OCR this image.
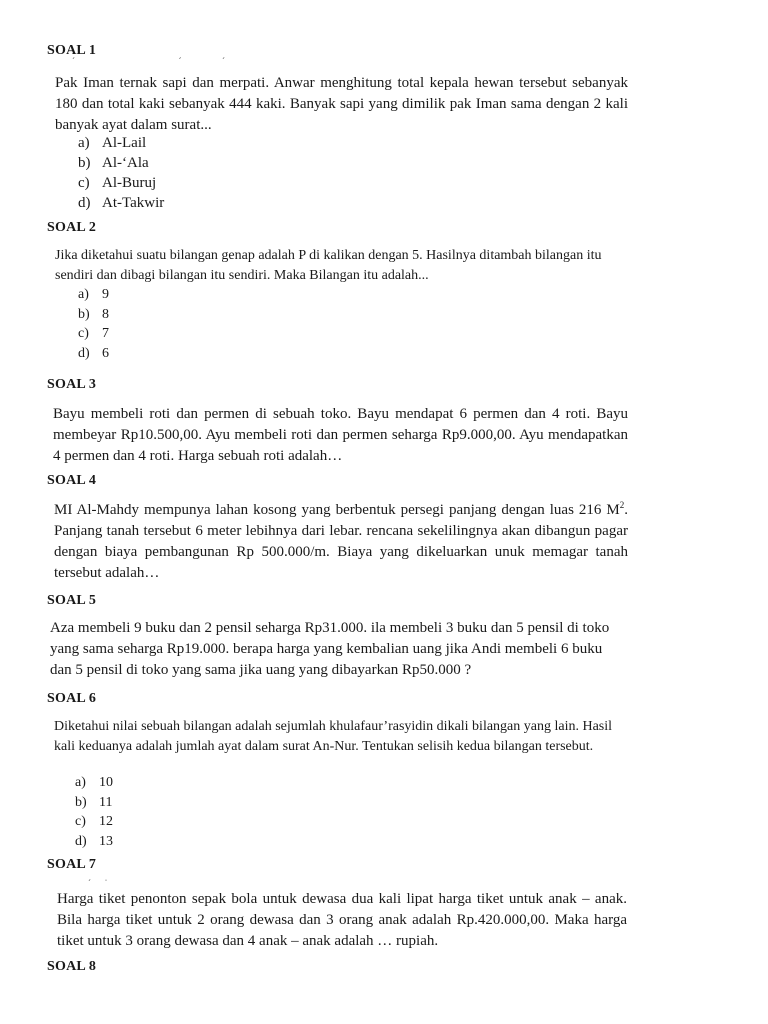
SOAL 1
ˊ                                              ˊ                  ˊ
Pak Iman ternak sapi dan merpati. Anwar menghitung total kepala hewan tersebut sebanyak 180 dan total kaki sebanyak 444 kaki. Banyak sapi yang dimilik pak Iman sama dengan 2 kali banyak ayat dalam surat...
a) Al-Lail
b) Al-‘Ala
c) Al-Buruj
d) At-Takwir
SOAL 2
Jika diketahui suatu bilangan genap adalah P di kalikan dengan 5. Hasilnya ditambah bilangan itu sendiri dan dibagi bilangan itu sendiri. Maka Bilangan itu adalah...
a) 9
b) 8
c) 7
d) 6
SOAL 3
Bayu membeli roti dan permen di sebuah toko. Bayu mendapat 6 permen dan 4 roti. Bayu membeyar Rp10.500,00. Ayu membeli roti dan permen seharga Rp9.000,00. Ayu mendapatkan 4 permen dan 4 roti. Harga sebuah roti adalah…
SOAL 4
MI Al-Mahdy mempunya lahan kosong yang berbentuk persegi panjang dengan luas 216 $M^2$. Panjang tanah tersebut 6 meter lebihnya dari lebar. rencana sekelilingnya akan dibangun pagar dengan biaya pembangunan Rp 500.000/m. Biaya yang dikeluarkan unuk memagar tanah tersebut adalah…
SOAL 5
Aza membeli 9 buku dan 2 pensil seharga Rp31.000. ila membeli 3 buku dan 5 pensil di toko yang sama seharga Rp19.000. berapa harga yang kembalian uang jika Andi membeli 6 buku dan 5 pensil di toko yang sama jika uang yang dibayarkan Rp50.000 ?
SOAL 6
Diketahui nilai sebuah bilangan adalah sejumlah khulafaur’rasyidin dikali bilangan yang lain. Hasil kali keduanya adalah jumlah ayat dalam surat An-Nur. Tentukan selisih kedua bilangan tersebut.
a) 10
b) 11
c) 12
d) 13
SOAL 7
ˊ      ˈ
Harga tiket penonton sepak bola untuk dewasa dua kali lipat harga tiket untuk anak – anak. Bila harga tiket untuk 2 orang dewasa dan 3 orang anak adalah Rp.420.000,00. Maka harga tiket untuk 3 orang dewasa dan 4 anak – anak adalah … rupiah.
SOAL 8
